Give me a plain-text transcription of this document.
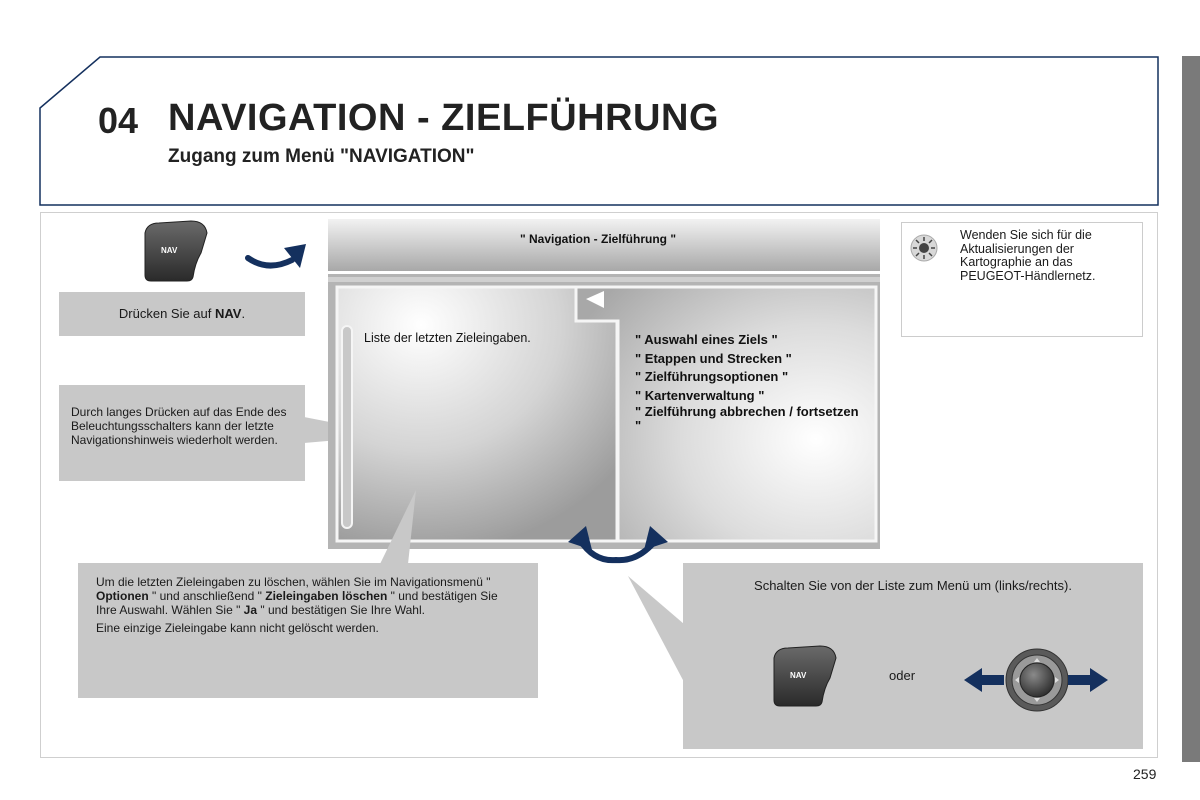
04 NAVIGATION - ZIELFÜHRUNG
Zugang zum Menü "NAVIGATION"
NAV
Drücken Sie auf NAV.
Durch langes Drücken auf das Ende des Beleuchtungsschalters kann der letzte Navigationshinweis wiederholt werden.
" Navigation - Zielführung "
Liste der letzten Zieleingaben.	" Auswahl eines Ziels "
" Etappen und Strecken "
" Zielführungsoptionen "
" Kartenverwaltung "
" Zielführung abbrechen / fortsetzen "
Wenden Sie sich für die Aktualisierungen der Kartographie an das PEUGEOT-Händlernetz.

Um die letzten Zieleingaben zu löschen, wählen Sie im Navigationsmenü " Optionen " und anschließend " Zieleingaben löschen " und bestätigen Sie Ihre Auswahl. Wählen Sie " Ja " und bestätigen Sie Ihre Wahl.

Eine einzige Zieleingabe kann nicht gelöscht werden.

Schalten Sie von der Liste zum Menü um (links/rechts).
NAV	oder
259
